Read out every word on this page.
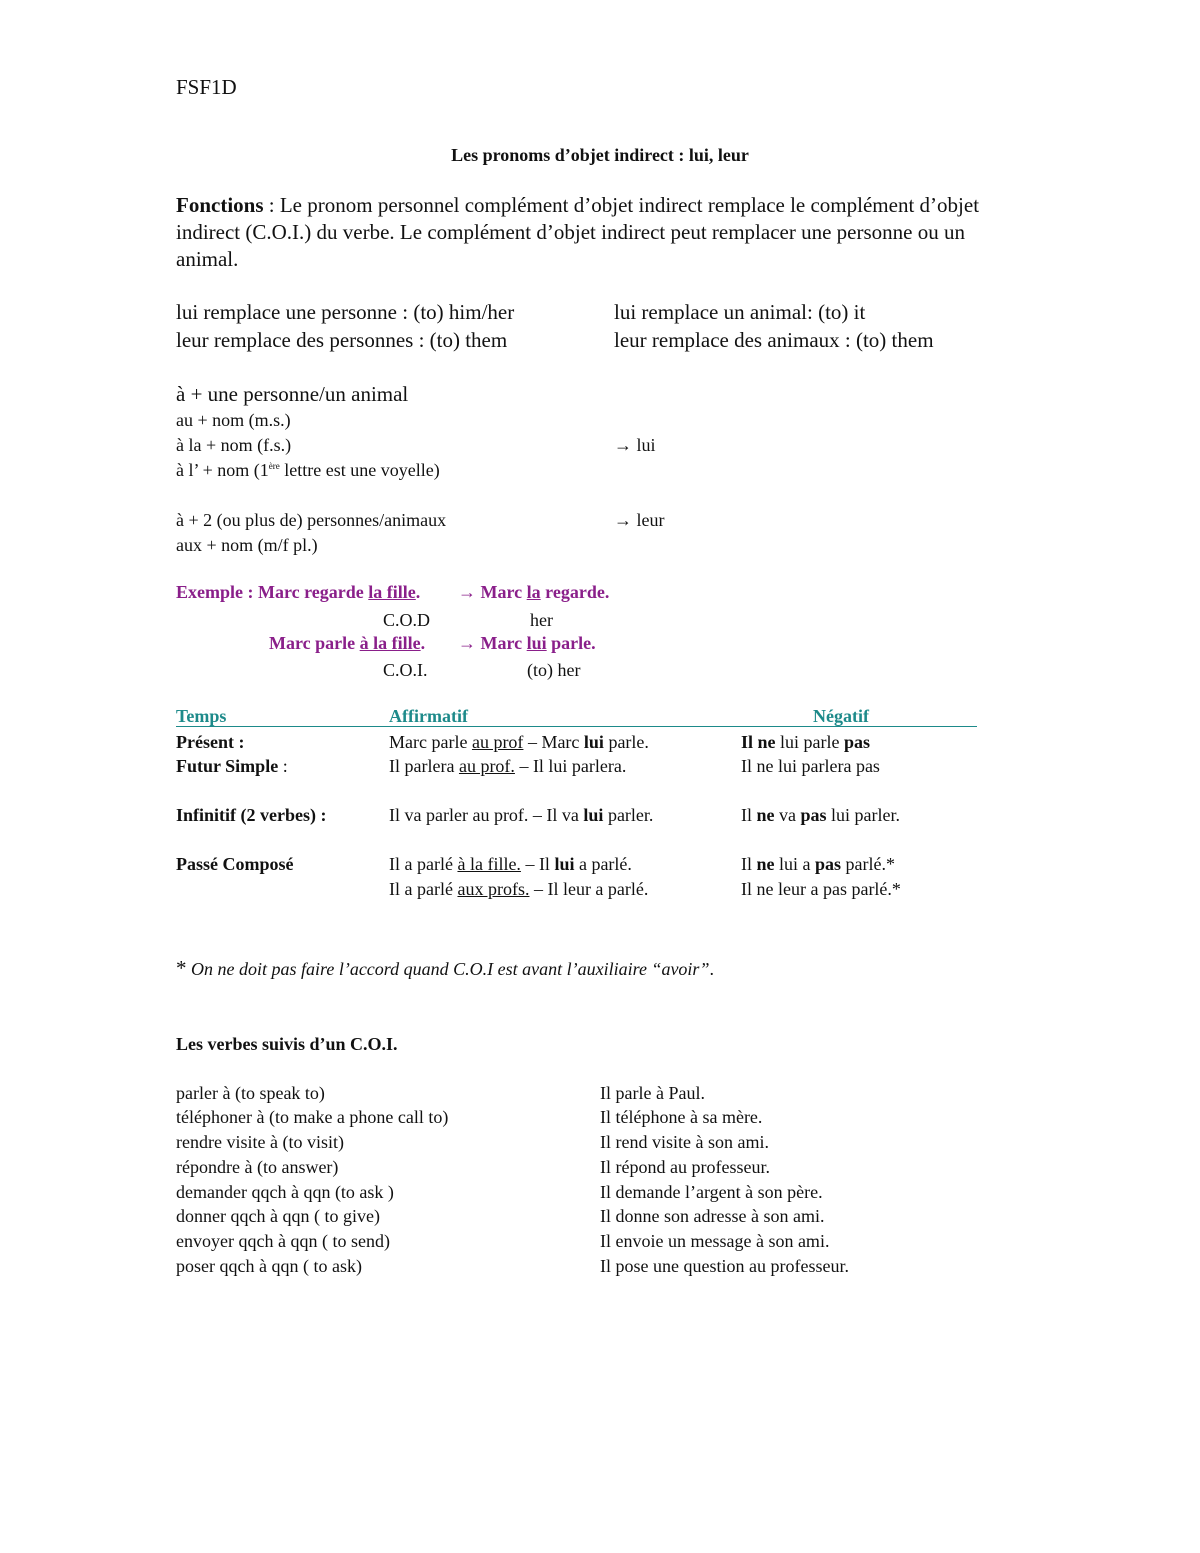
FSF1D
Les pronoms d’objet indirect : lui, leur
Fonctions : Le pronom personnel complément d’objet indirect remplace le complément d’objet indirect (C.O.I.) du verbe. Le complément d’objet indirect peut remplacer une personne ou un animal.
lui remplace une personne : (to) him/her	lui remplace un animal: (to) it
leur remplace des personnes : (to) them	leur remplace des animaux : (to) them
à + une personne/un animal
au + nom (m.s.)
à la + nom (f.s.)	→ lui
à l’ + nom (1ère lettre est une voyelle)
à + 2 (ou plus de) personnes/animaux	→ leur
aux + nom (m/f pl.)
Exemple : Marc regarde la fille. → Marc la regarde.
C.O.D	her
Marc parle à la fille. → Marc lui parle.
C.O.I.	(to) her
Temps	Affirmatif	Négatif
Présent :	Marc parle au prof – Marc lui parle.	Il ne lui parle pas
Futur Simple :	Il parlera au prof. – Il lui parlera.	Il ne lui parlera pas
Infinitif (2 verbes) :	Il va parler au prof. – Il va lui parler.	Il ne va pas lui parler.
Passé Composé	Il a parlé à la fille. – Il lui a parlé.	Il ne lui a pas parlé.*
Il a parlé aux profs. – Il leur a parlé.	Il ne leur a pas parlé.*
* On ne doit pas faire l’accord quand C.O.I est avant l’auxiliaire “avoir”.
Les verbes suivis d’un C.O.I.
parler à (to speak to)	Il parle à Paul.
téléphoner à (to make a phone call to)	Il téléphone à sa mère.
rendre visite à (to visit)	Il rend visite à son ami.
répondre à (to answer)	Il répond au professeur.
demander qqch à qqn (to ask )	Il demande l’argent à son père.
donner qqch à qqn ( to give)	Il donne son adresse à son ami.
envoyer qqch à qqn ( to send)	Il envoie un message à son ami.
poser qqch à qqn ( to ask)	Il pose une question au professeur.
